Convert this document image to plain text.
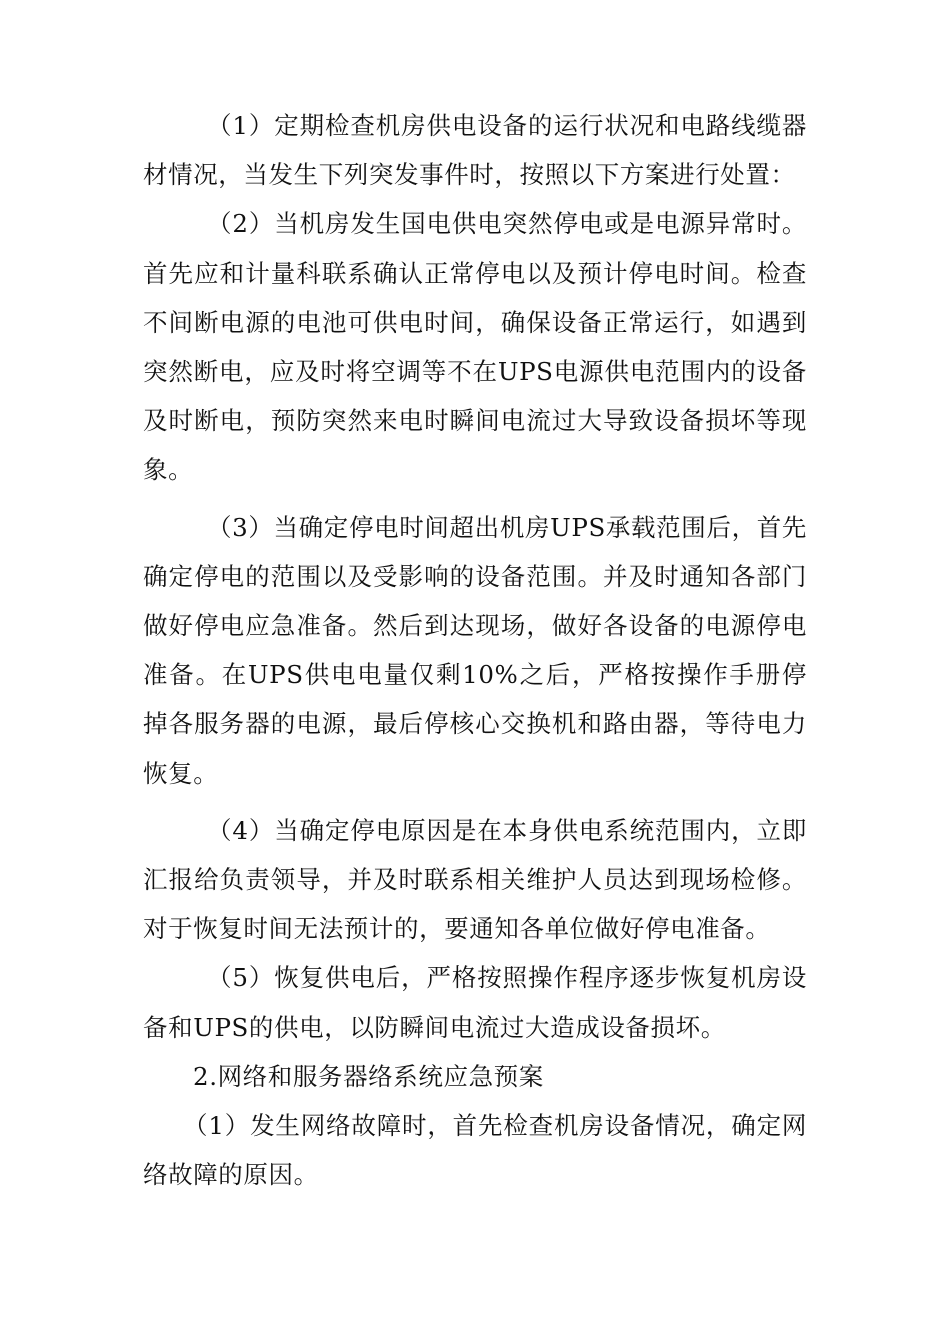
（1）定期检查机房供电设备的运行状况和电路线缆器材情况，当发生下列突发事件时，按照以下方案进行处置：

（2）当机房发生国电供电突然停电或是电源异常时。首先应和计量科联系确认正常停电以及预计停电时间。检查不间断电源的电池可供电时间，确保设备正常运行，如遇到突然断电，应及时将空调等不在UPS电源供电范围内的设备及时断电，预防突然来电时瞬间电流过大导致设备损坏等现象。

（3）当确定停电时间超出机房UPS承载范围后，首先确定停电的范围以及受影响的设备范围。并及时通知各部门做好停电应急准备。然后到达现场，做好各设备的电源停电准备。在UPS供电电量仅剩10%之后，严格按操作手册停掉各服务器的电源，最后停核心交换机和路由器，等待电力恢复。

（4）当确定停电原因是在本身供电系统范围内，立即汇报给负责领导，并及时联系相关维护人员达到现场检修。对于恢复时间无法预计的，要通知各单位做好停电准备。

（5）恢复供电后，严格按照操作程序逐步恢复机房设备和UPS的供电，以防瞬间电流过大造成设备损坏。

2.网络和服务器络系统应急预案

（1）发生网络故障时，首先检查机房设备情况，确定网络故障的原因。
